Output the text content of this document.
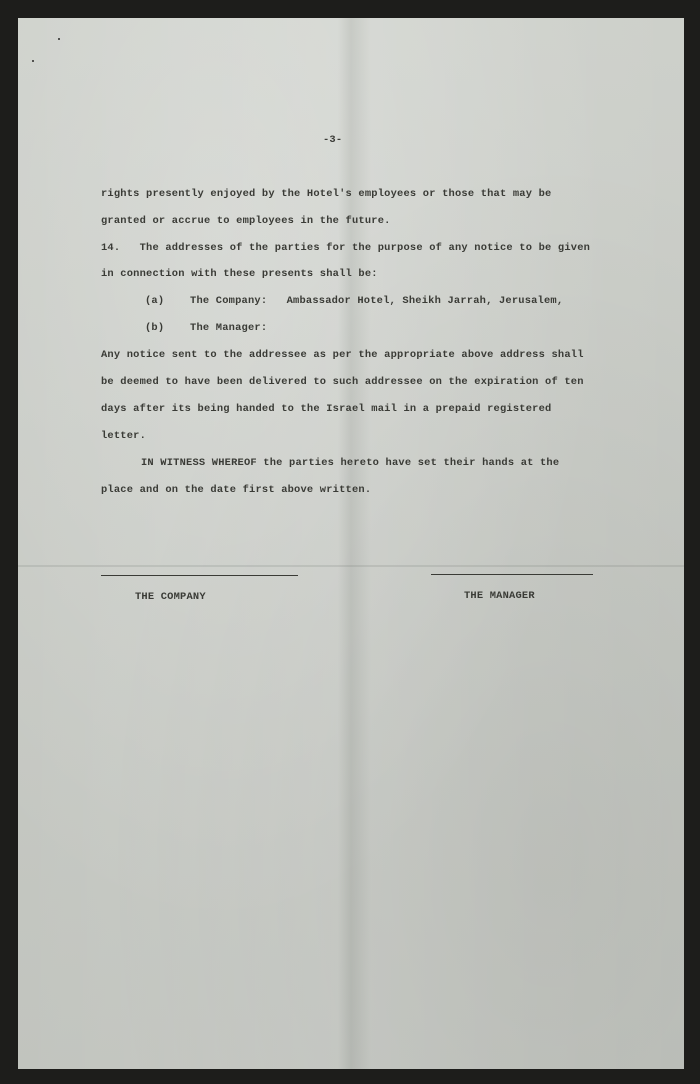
-3-

rights presently enjoyed by the Hotel's employees or those that may be

granted or accrue to employees in the future.

14.   The addresses of the parties for the purpose of any notice to be given

in connection with these presents shall be:

(a)    The Company:   Ambassador Hotel, Sheikh Jarrah, Jerusalem,

(b)    The Manager:

Any notice sent to the addressee as per the appropriate above address shall

be deemed to have been delivered to such addressee on the expiration of ten

days after its being handed to the Israel mail in a prepaid registered

letter.

IN WITNESS WHEREOF the parties hereto have set their hands at the

place and on the date first above written.

THE COMPANY

	THE MANAGER
